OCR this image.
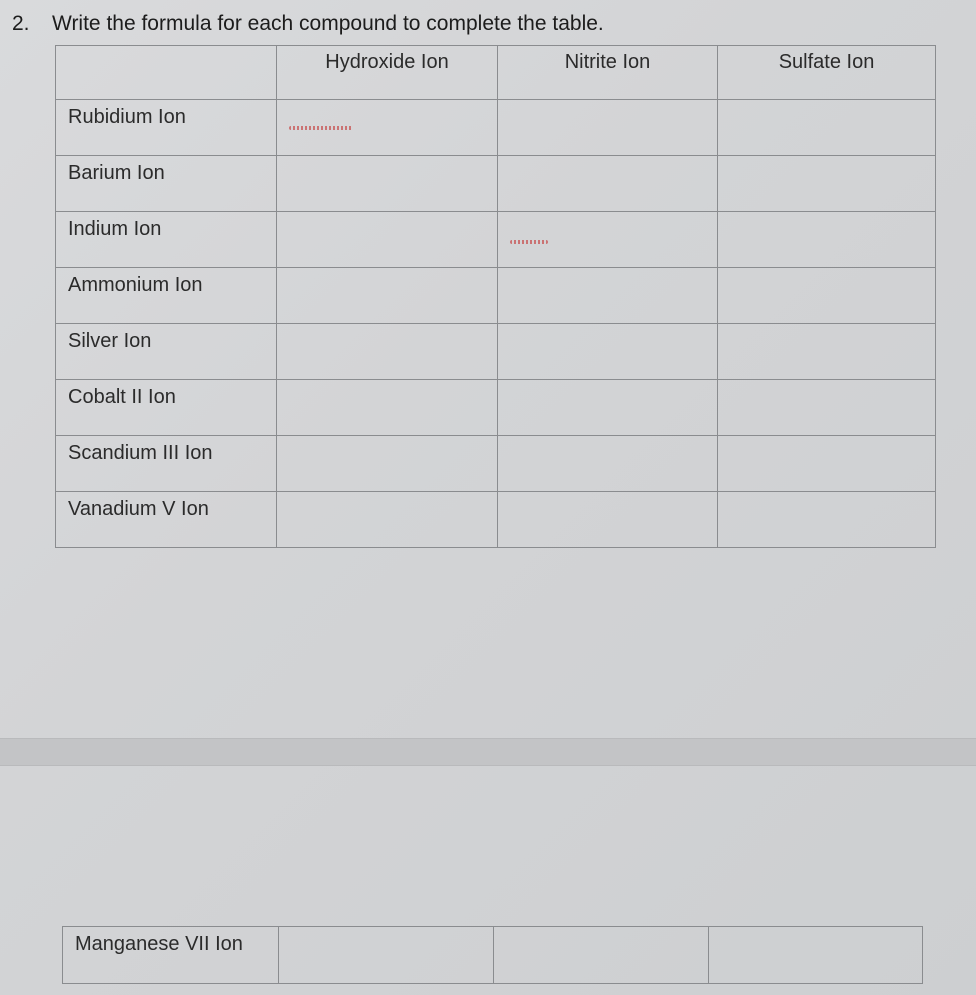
2. Write the formula for each compound to complete the table.
	Hydroxide Ion	Nitrite Ion	Sulfate Ion
Rubidium Ion	

Barium Ion			
Indium Ion		

Ammonium Ion			
Silver Ion			
Cobalt II Ion			
Scandium III Ion			
Vanadium V Ion			
Manganese VII Ion			
